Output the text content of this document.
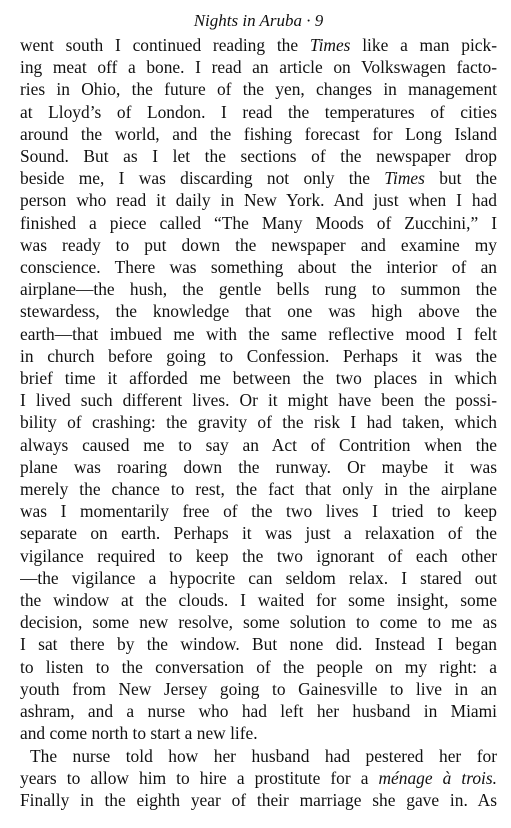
Nights in Aruba · 9
went south I continued reading the Times like a man pick-
ing meat off a bone. I read an article on Volkswagen facto-
ries in Ohio, the future of the yen, changes in management
at Lloyd’s of London. I read the temperatures of cities
around the world, and the fishing forecast for Long Island
Sound. But as I let the sections of the newspaper drop
beside me, I was discarding not only the Times but the
person who read it daily in New York. And just when I had
finished a piece called “The Many Moods of Zucchini,” I
was ready to put down the newspaper and examine my
conscience. There was something about the interior of an
airplane—the hush, the gentle bells rung to summon the
stewardess, the knowledge that one was high above the
earth—that imbued me with the same reflective mood I felt
in church before going to Confession. Perhaps it was the
brief time it afforded me between the two places in which
I lived such different lives. Or it might have been the possi-
bility of crashing: the gravity of the risk I had taken, which
always caused me to say an Act of Contrition when the
plane was roaring down the runway. Or maybe it was
merely the chance to rest, the fact that only in the airplane
was I momentarily free of the two lives I tried to keep
separate on earth. Perhaps it was just a relaxation of the
vigilance required to keep the two ignorant of each other
—the vigilance a hypocrite can seldom relax. I stared out
the window at the clouds. I waited for some insight, some
decision, some new resolve, some solution to come to me as
I sat there by the window. But none did. Instead I began
to listen to the conversation of the people on my right: a
youth from New Jersey going to Gainesville to live in an
ashram, and a nurse who had left her husband in Miami
and come north to start a new life.
The nurse told how her husband had pestered her for
years to allow him to hire a prostitute for a ménage à trois.
Finally in the eighth year of their marriage she gave in. As
